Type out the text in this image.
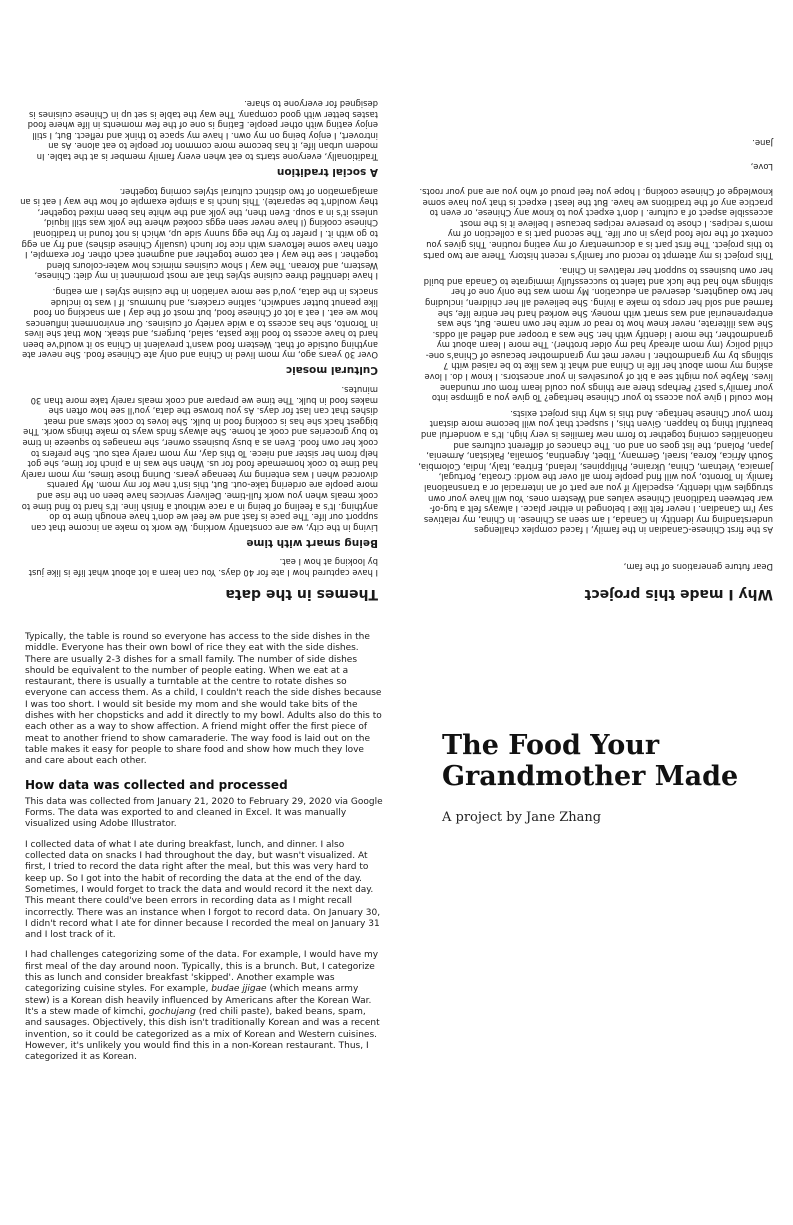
Why I made this project

Dear future generations of the fam,

As the first Chinese-Canadian in the family, I faced complex challenges understanding my identity. In Canada, I am seen as Chinese. In China, my relatives say I'm Canadian. I never felt like I belonged in either place. I always felt a tug-of-war between traditional Chinese values and Western ones. You will have your own struggles with identity, especially if you are part of an interracial or a transnational family. In Toronto, you will find people from all over the world: Croatia, Portugal, Jamaica, Vietnam, China, Ukraine, Philippines, Ireland, Eritrea, Italy, India, Colombia, South Africa, Korea, Israel, Germany, Tibet, Argentina, Somalia, Pakistan, Armenia, Japan, Poland, the list goes on and on. The chances of different cultures and nationalities coming together to form new families is very high. It's a wonderful and beautiful thing to happen. Given this, I suspect that you will become more distant from your Chinese heritage. And this is why this project exists.

How could I give you access to your Chinese heritage? To give you a glimpse into your family's past? Perhaps there are things you could learn from our mundane lives. Maybe you might see a bit of yourselves in your ancestors. I know I do. I love asking my mom about her life in China and what it was like to be raised with 7 siblings by my grandmother. I never met my grandmother because of China's one-child policy (my mom already had my older brother). The more I learn about my grandmother, the more I identify with her. She was a trooper and defied all odds. She was illiterate, never knew how to read or write her own name. But, she was entrepreneurial and was smart with money. She worked hard her entire life, she farmed and sold her crops to make a living. She believed all her children, including her two daughters, deserved an education. My mom was the only one of her siblings who had the luck and talent to successfully immigrate to Canada and build her own business to support her relatives in China.

This project is my attempt to record our family's recent history. There are two parts to this project. The first part is a documentary of my eating routine. This gives you context of the role food plays in our life. The second part is a collection of my mom's recipes. I chose to preserve recipes because I believe it is the most accessible aspect of a culture. I don't expect you to know any Chinese, or even to practice any of the traditions we have. But the least I expect is that you have some knowledge of Chinese cooking. I hope you feel proud of who you are and your roots.

Love,

Jane.

Themes in the data

I have captured how I ate for 40 days. You can learn a lot about what life is like just by looking at how I eat.

Being smart with time

Living in the city, we are constantly working. We work to make an income that can support our life. The pace is fast and we feel we don't have enough time to do anything. It's a feeling of being in a race without a finish line. It's hard to find time to cook meals when you work full-time. Delivery services have been on the rise and more people are ordering take-out. But, this isn't new for my mom. My parents divorced when I was entering my teenage years. During those times, my mom rarely had time to cook homemade food for us. When she was in a pinch for time, she got help from her sister and niece. To this day, my mom rarely eats out. She prefers to cook her own food. Even as a busy business owner, she manages to squeeze in time to buy groceries and cook at home. She always finds ways to make things work. The biggest hack she has is cooking food in bulk. She loves to cook stews and meat dishes that can last for days. As you browse the data, you'll see how often she makes food in bulk. The time we prepare and cook meals rarely take more than 30 minutes.

Cultural mosaic

Over 30 years ago, my mom lived in China and only ate Chinese food. She never ate anything outside of that. Western food wasn't prevalent in China so it would've been hard to have access to food like pasta, salad, burgers, and steak. Now that she lives in Toronto, she has access to a wide variety of cuisines. Our environment influences how we eat. I eat a lot of Chinese food, but most of the day I am snacking on food like peanut butter sandwich, saltine crackers, and hummus. If I was to include snacks in the data, you'd see more variation in the cuisine styles I am eating.

I have identified three cuisine styles that are most prominent in my diet: Chinese, Western, and Korean. The way I show cuisines mimics how water-colours blend together. I see the way I eat come together and augment each other. For example, I often have some leftovers with rice for lunch (usually Chinese dishes) and fry an egg to go with it. I prefer to fry the egg sunny side up, which is not found in traditional Chinese cooking (I have never seen eggs cooked where the yolk was still liquid, unless it's in a soup. Even then, the yolk and the white has been mixed together, they wouldn't be separate). This lunch is a simple example of how the way I eat is an amalgamation of two distinct cultural styles coming together.

A social tradition

Traditionally, everyone starts to eat when every family member is at the table. In modern urban life, it has become more common for people to eat alone. As an introvert, I enjoy being on my own. I have my space to think and reflect. But, I still enjoy eating with other people. Eating is one of the few moments in life where food tastes better with good company. The way the table is set up in Chinese cuisines is designed for everyone to share.

Typically, the table is round so everyone has access to the side dishes in the middle. Everyone has their own bowl of rice they eat with the side dishes. There are usually 2-3 dishes for a small family. The number of side dishes should be equivalent to the number of people eating. When we eat at a restaurant, there is usually a turntable at the centre to rotate dishes so everyone can access them. As a child, I couldn't reach the side dishes because I was too short. I would sit beside my mom and she would take bits of the dishes with her chopsticks and add it directly to my bowl. Adults also do this to each other as a way to show affection. A friend might offer the first piece of meat to another friend to show camaraderie. The way food is laid out on the table makes it easy for people to share food and show how much they love and care about each other.

How data was collected and processed

This data was collected from January 21, 2020 to February 29, 2020 via Google Forms. The data was exported to and cleaned in Excel. It was manually visualized using Adobe Illustrator.

I collected data of what I ate during breakfast, lunch, and dinner. I also collected data on snacks I had throughout the day, but wasn't visualized. At first, I tried to record the data right after the meal, but this was very hard to keep up. So I got into the habit of recording the data at the end of the day. Sometimes, I would forget to track the data and would record it the next day. This meant there could've been errors in recording data as I might recall incorrectly. There was an instance when I forgot to record data. On January 30, I didn't record what I ate for dinner because I recorded the meal on January 31 and I lost track of it.

I had challenges categorizing some of the data. For example, I would have my first meal of the day around noon. Typically, this is a brunch. But, I categorize this as lunch and consider breakfast 'skipped'. Another example was categorizing cuisine styles. For example, budae jjigae (which means army stew) is a Korean dish heavily influenced by Americans after the Korean War. It's a stew made of kimchi, gochujang (red chili paste), baked beans, spam, and sausages. Objectively, this dish isn't traditionally Korean and was a recent invention, so it could be categorized as a mix of Korean and Western cuisines. However, it's unlikely you would find this in a non-Korean restaurant. Thus, I categorized it as Korean.

The Food Your
Grandmother Made
A project by Jane Zhang
